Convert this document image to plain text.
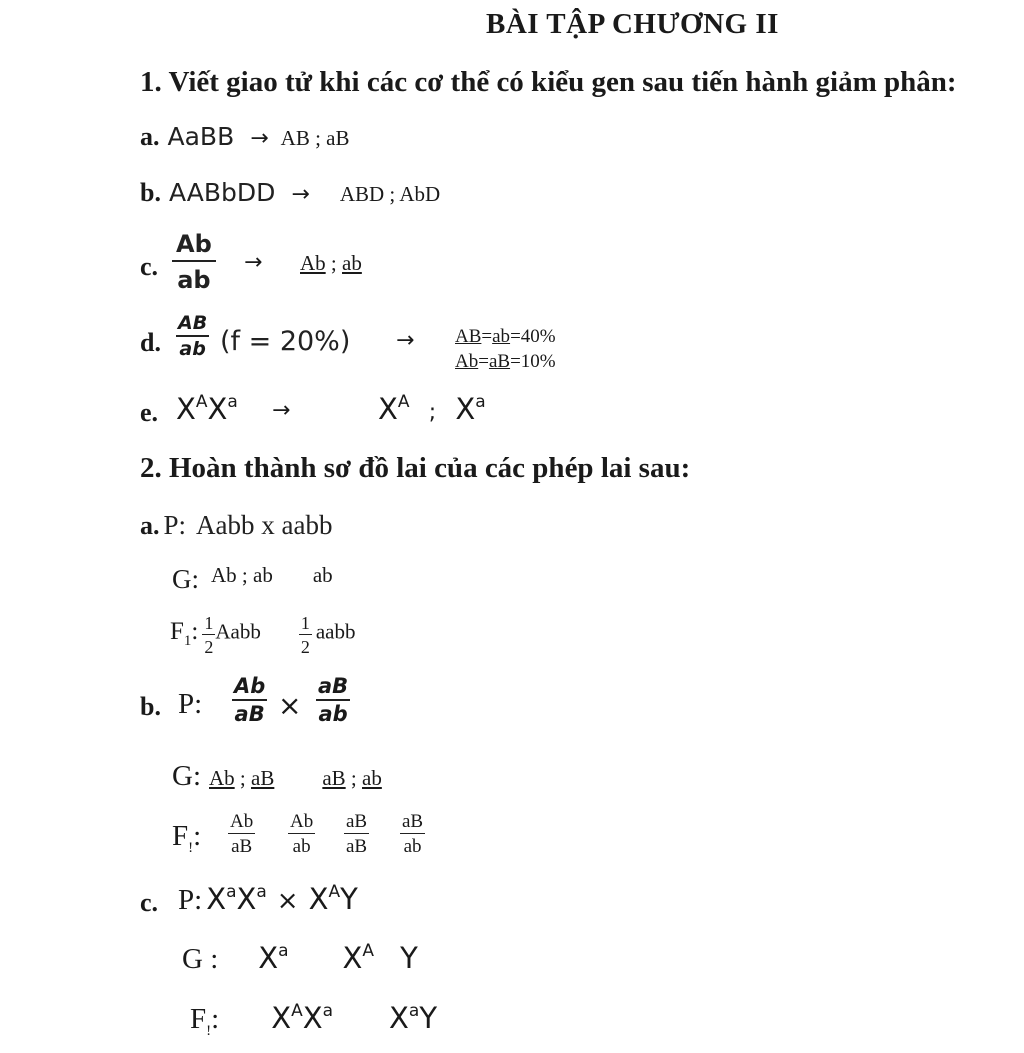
BÀI TẬP CHƯƠNG II
1. Viết giao tử khi các cơ thể có kiểu gen sau tiến hành giảm phân:
a. AaBB → AB ; aB
b. AABbDD → ABD ; AbD
c. $\frac{Ab}{ab} \to Ab$ ; ab
d. $\frac{AB}{ab} (f = 20\%) \to AB=ab=40\%$
Ab=aB=10%
e. $X^AX^a$ →	$X^A$ ; $X^a$
2. Hoàn thành sơ đồ lai của các phép lai sau:
a. P: Aabb x aabb
G: Ab ; ab ab
$F_1$: $\frac{1}{2}$ Aabb $\frac{1}{2}$ aabb
b. P: $\frac{Ab}{aB} \times \frac{aB}{ab}$
G: Ab ; aB aB ; ab
$F_!$: $\frac{Ab}{aB} \frac{Ab}{ab} \frac{aB}{aB} \frac{aB}{ab}$
c. P: $X^aX^a \times X^AY$
G : $X^a$ $X^A$ Y
$F_!$: $X^AX^a$ $X^aY$
